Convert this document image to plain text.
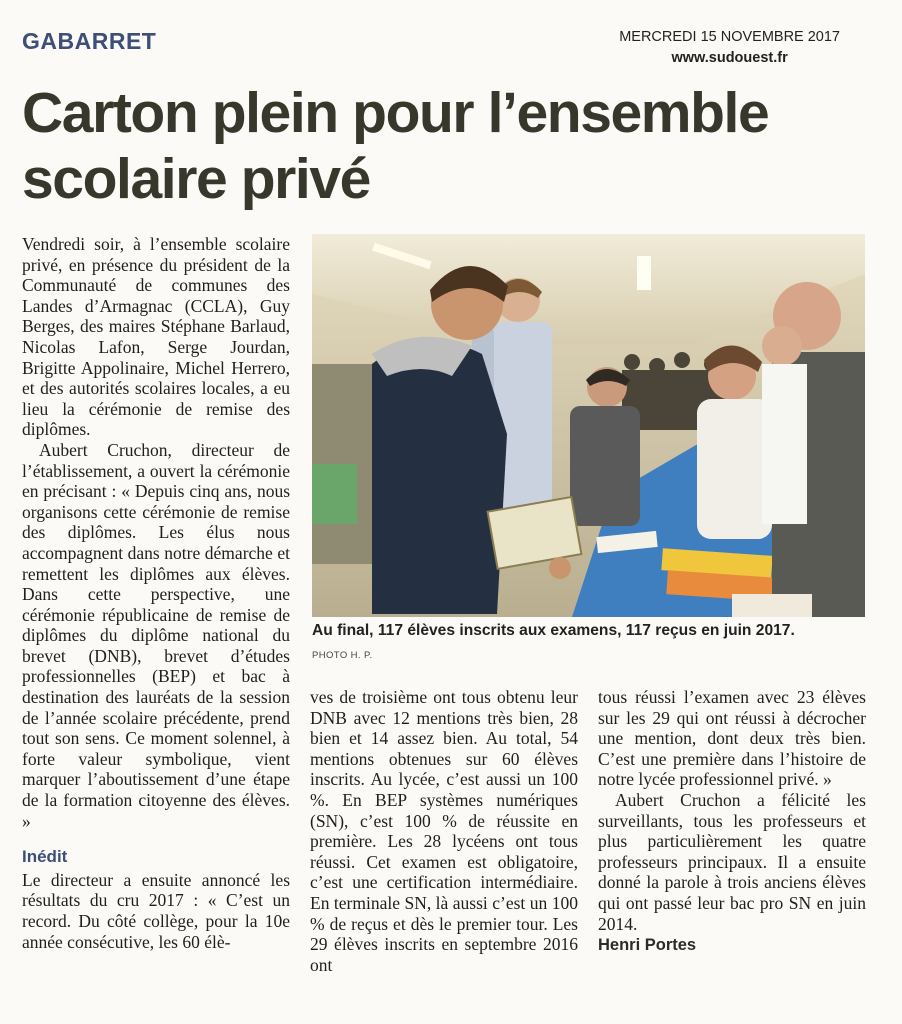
GABARRET	MERCREDI 15 NOVEMBRE 2017
www.sudouest.fr
Carton plein pour l’ensemble scolaire privé

Vendredi soir, à l’ensemble scolaire privé, en présence du président de la Communauté de communes des Landes d’Armagnac (CCLA), Guy Berges, des maires Stéphane Barlaud, Nicolas Lafon, Serge Jourdan, Brigitte Appolinaire, Michel Herrero, et des autorités scolaires locales, a eu lieu la cérémonie de remise des diplômes.

Aubert Cruchon, directeur de l’établissement, a ouvert la cérémonie en précisant : « Depuis cinq ans, nous organisons cette cérémonie de remise des diplômes. Les élus nous accompagnent dans notre démarche et remettent les diplômes aux élèves. Dans cette perspective, une cérémonie républicaine de remise de diplômes du diplôme national du brevet (DNB), brevet d’études professionnelles (BEP) et bac à destination des lauréats de la session de l’année scolaire précédente, prend tout son sens. Ce moment solennel, à forte valeur symbolique, vient marquer l’aboutissement d’une étape de la formation citoyenne des élèves. »

Inédit

Le directeur a ensuite annoncé les résultats du cru 2017 : « C’est un record. Du côté collège, pour la 10e année consécutive, les 60 élè-

Au final, 117 élèves inscrits aux examens, 117 reçus en juin 2017.
PHOTO H. P.

ves de troisième ont tous obtenu leur DNB avec 12 mentions très bien, 28 bien et 14 assez bien. Au total, 54 mentions obtenues sur 60 élèves inscrits. Au lycée, c’est aussi un 100 %. En BEP systèmes numériques (SN), c’est 100 % de réussite en première. Les 28 lycéens ont tous réussi. Cet examen est obligatoire, c’est une certification intermédiaire. En terminale SN, là aussi c’est un 100 % de reçus et dès le premier tour. Les 29 élèves inscrits en septembre 2016 ont

tous réussi l’examen avec 23 élèves sur les 29 qui ont réussi à décrocher une mention, dont deux très bien. C’est une première dans l’histoire de notre lycée professionnel privé. »

Aubert Cruchon a félicité les surveillants, tous les professeurs et plus particulièrement les quatre professeurs principaux. Il a ensuite donné la parole à trois anciens élèves qui ont passé leur bac pro SN en juin 2014.

Henri Portes
